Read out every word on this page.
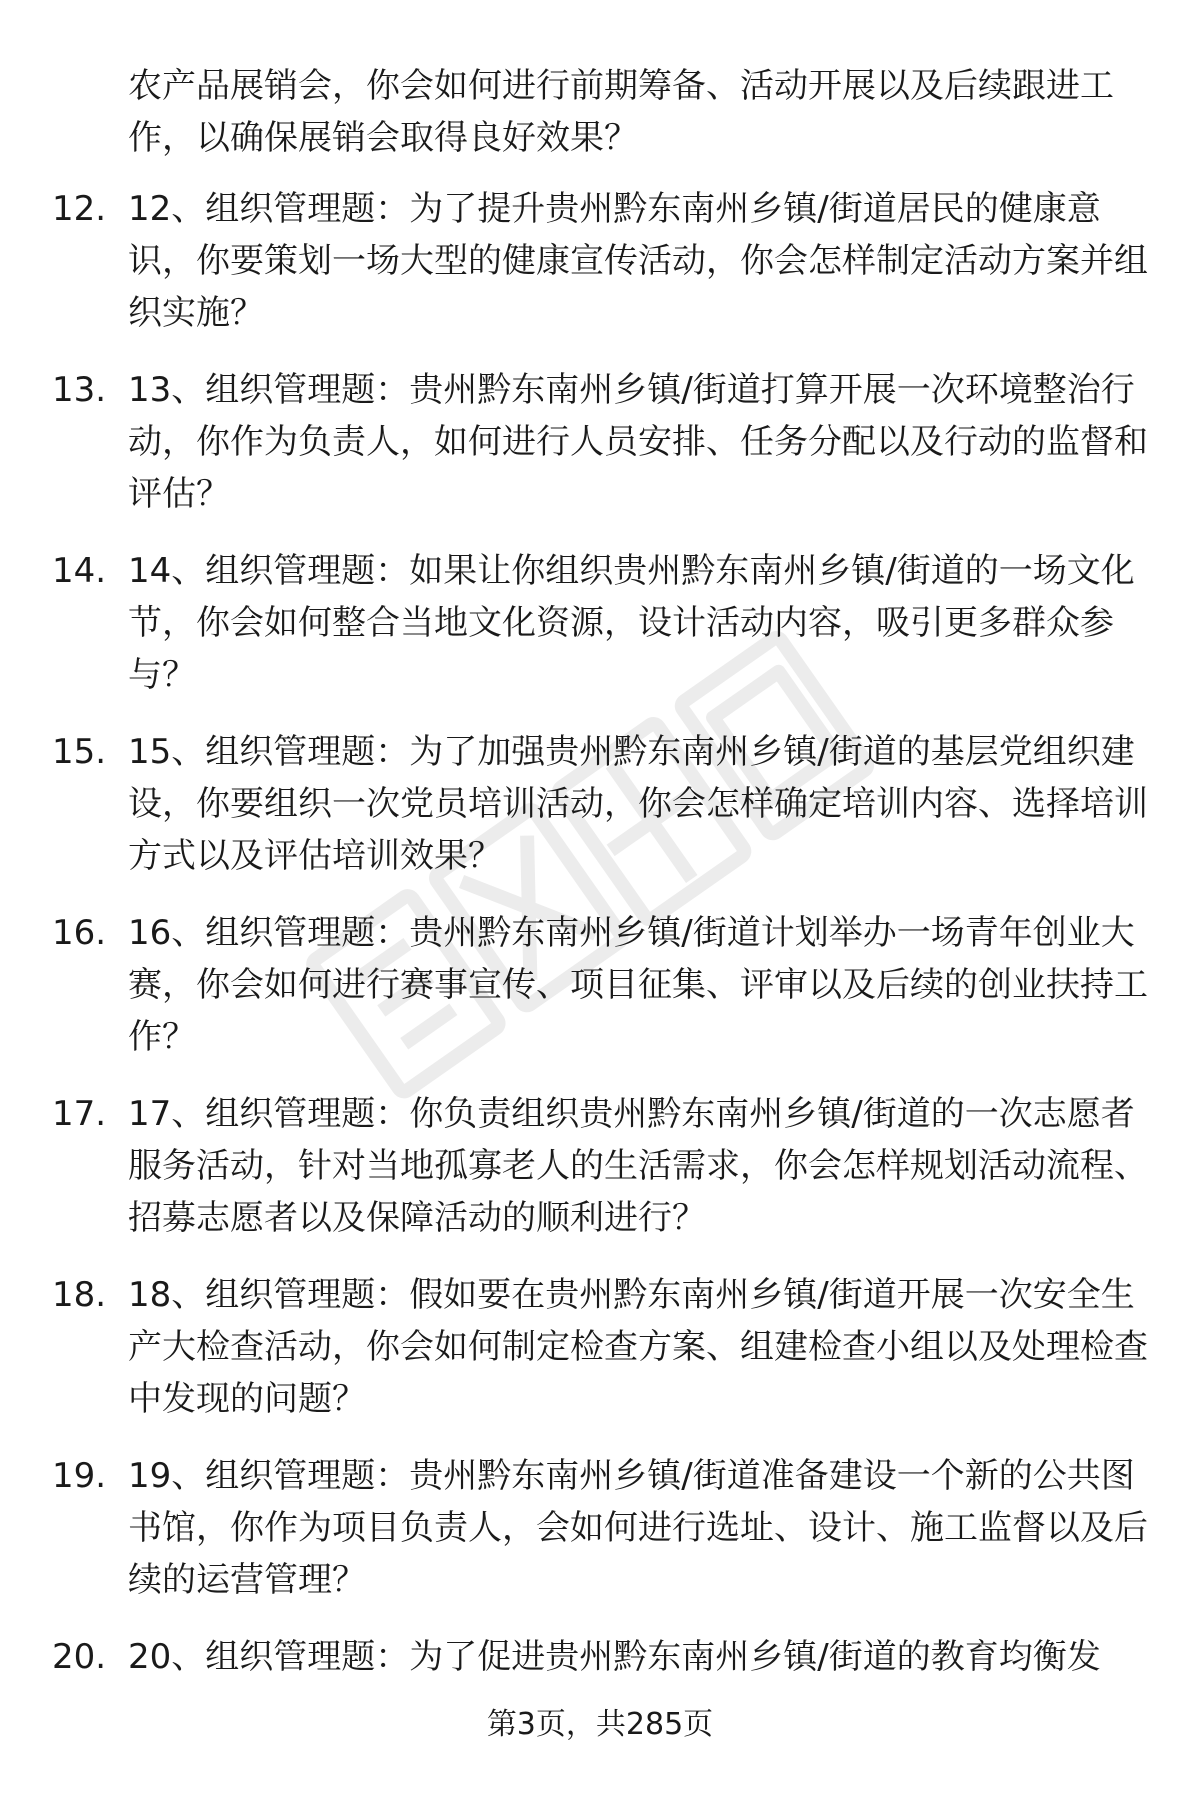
农产品展销会，你会如何进行前期筹备、活动开展以及后续跟进工作，以确保展销会取得良好效果？
12. 12、组织管理题：为了提升贵州黔东南州乡镇/街道居民的健康意识，你要策划一场大型的健康宣传活动，你会怎样制定活动方案并组织实施？
13. 13、组织管理题：贵州黔东南州乡镇/街道打算开展一次环境整治行动，你作为负责人，如何进行人员安排、任务分配以及行动的监督和评估？
14. 14、组织管理题：如果让你组织贵州黔东南州乡镇/街道的一场文化节，你会如何整合当地文化资源，设计活动内容，吸引更多群众参与？
15. 15、组织管理题：为了加强贵州黔东南州乡镇/街道的基层党组织建设，你要组织一次党员培训活动，你会怎样确定培训内容、选择培训方式以及评估培训效果？
16. 16、组织管理题：贵州黔东南州乡镇/街道计划举办一场青年创业大赛，你会如何进行赛事宣传、项目征集、评审以及后续的创业扶持工作？
17. 17、组织管理题：你负责组织贵州黔东南州乡镇/街道的一次志愿者服务活动，针对当地孤寡老人的生活需求，你会怎样规划活动流程、招募志愿者以及保障活动的顺利进行？
18. 18、组织管理题：假如要在贵州黔东南州乡镇/街道开展一次安全生产大检查活动，你会如何制定检查方案、组建检查小组以及处理检查中发现的问题？
19. 19、组织管理题：贵州黔东南州乡镇/街道准备建设一个新的公共图书馆，你作为项目负责人，会如何进行选址、设计、施工监督以及后续的运营管理？
20. 20、组织管理题：为了促进贵州黔东南州乡镇/街道的教育均衡发
第3页，共285页
